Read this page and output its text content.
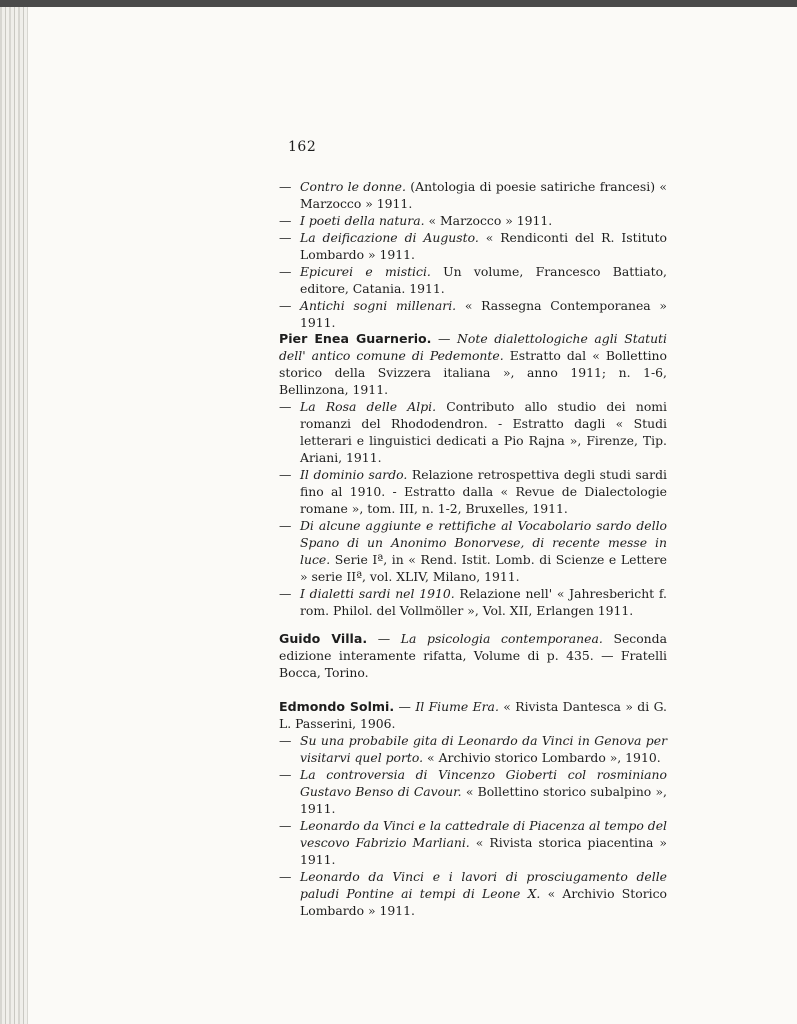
162
— Contro le donne. (Antologia di poesie satiriche francesi) « Marzocco » 1911.
— I poeti della natura. « Marzocco » 1911.
— La deificazione di Augusto. « Rendiconti del R. Istituto Lombardo » 1911.
— Epicurei e mistici. Un volume, Francesco Battiato, editore, Catania. 1911.
— Antichi sogni millenari. « Rassegna Contemporanea » 1911.
Pier Enea Guarnerio. — Note dialettologiche agli Statuti dell' antico comune di Pedemonte. Estratto dal « Bollettino storico della Svizzera italiana », anno 1911; n. 1-6, Bellinzona, 1911.
— La Rosa delle Alpi. Contributo allo studio dei nomi romanzi del Rhododendron. - Estratto dagli « Studi letterari e linguistici dedicati a Pio Rajna », Firenze, Tip. Ariani, 1911.
— Il dominio sardo. Relazione retrospettiva degli studi sardi fino al 1910. - Estratto dalla « Revue de Dialectologie romane », tom. III, n. 1-2, Bruxelles, 1911.
— Di alcune aggiunte e rettifiche al Vocabolario sardo dello Spano di un Anonimo Bonorvese, di recente messe in luce. Serie Iª, in « Rend. Istit. Lomb. di Scienze e Lettere » serie IIª, vol. XLIV, Milano, 1911.
— I dialetti sardi nel 1910. Relazione nell' « Jahresbericht f. rom. Philol. del Vollmöller », Vol. XII, Erlangen 1911.
Guido Villa. — La psicologia contemporanea. Seconda edizione interamente rifatta, Volume di p. 435. — Fratelli Bocca, Torino.
Edmondo Solmi. — Il Fiume Era. « Rivista Dantesca » di G. L. Passerini, 1906.
— Su una probabile gita di Leonardo da Vinci in Genova per visitarvi quel porto. « Archivio storico Lombardo », 1910.
— La controversia di Vincenzo Gioberti col rosminiano Gustavo Benso di Cavour. « Bollettino storico subalpino », 1911.
— Leonardo da Vinci e la cattedrale di Piacenza al tempo del vescovo Fabrizio Marliani. « Rivista storica piacentina » 1911.
— Leonardo da Vinci e i lavori di prosciugamento delle paludi Pontine ai tempi di Leone X. « Archivio Storico Lombardo » 1911.
